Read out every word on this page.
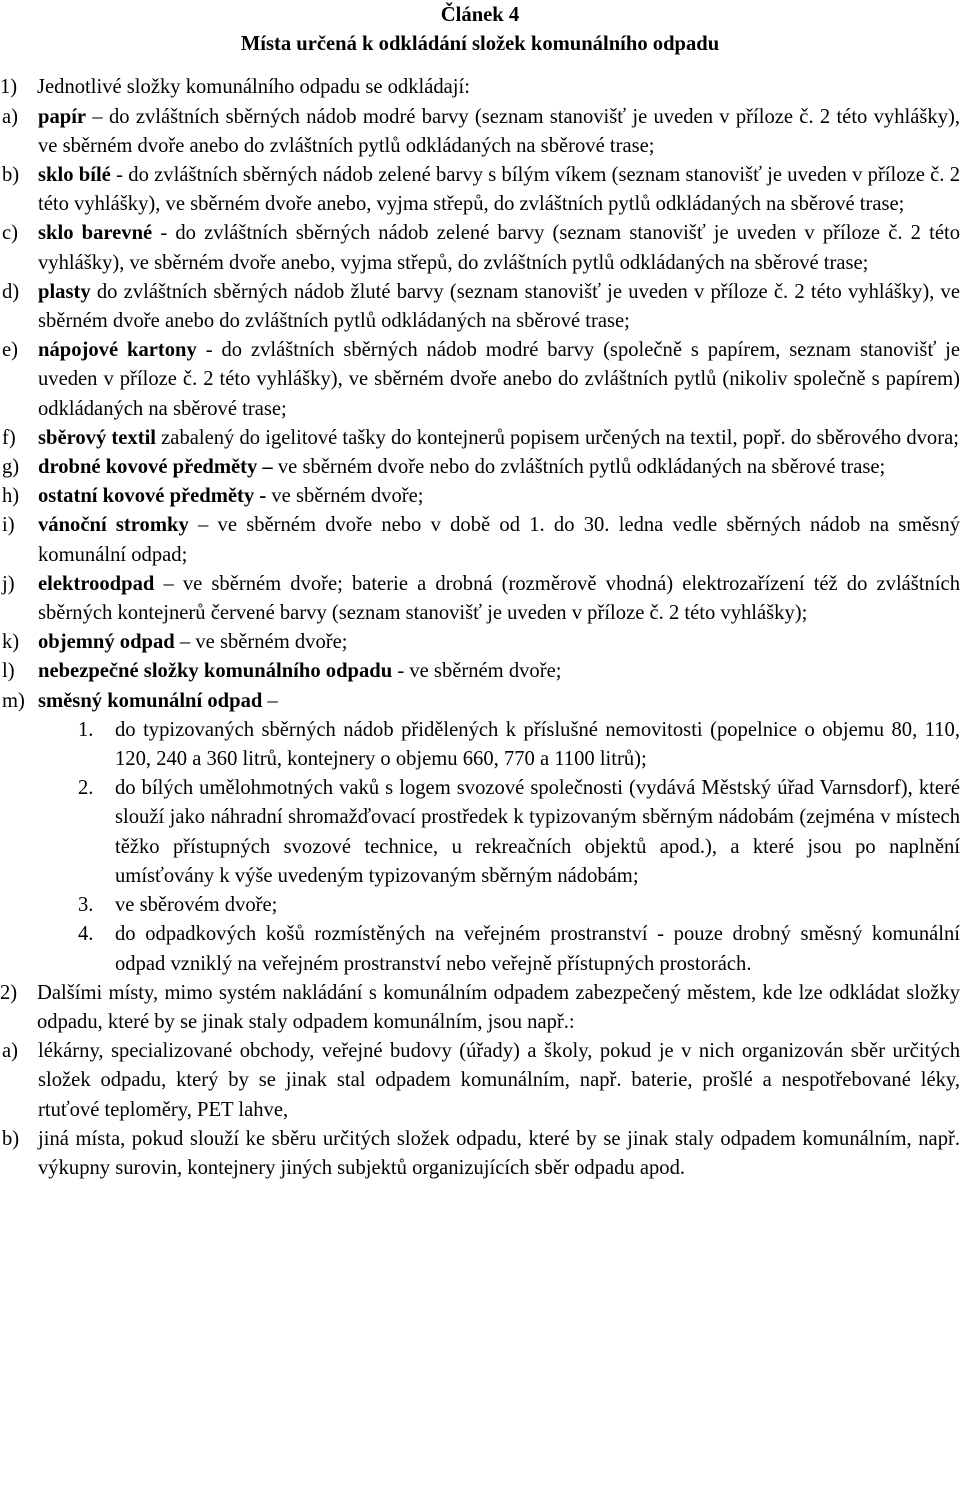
Článek 4
Místa určená k odkládání složek komunálního odpadu
1) Jednotlivé složky komunálního odpadu se odkládají:
a) papír – do zvláštních sběrných nádob modré barvy (seznam stanovišť je uveden v příloze č. 2 této vyhlášky), ve sběrném dvoře anebo do zvláštních pytlů odkládaných na sběrové trase;
b) sklo bílé - do zvláštních sběrných nádob zelené barvy s bílým víkem (seznam stanovišť je uveden v příloze č. 2 této vyhlášky), ve sběrném dvoře anebo, vyjma střepů, do zvláštních pytlů odkládaných na sběrové trase;
c) sklo barevné - do zvláštních sběrných nádob zelené barvy (seznam stanovišť je uveden v příloze č. 2 této vyhlášky), ve sběrném dvoře anebo, vyjma střepů, do zvláštních pytlů odkládaných na sběrové trase;
d) plasty do zvláštních sběrných nádob žluté barvy (seznam stanovišť je uveden v příloze č. 2 této vyhlášky), ve sběrném dvoře anebo do zvláštních pytlů odkládaných na sběrové trase;
e) nápojové kartony - do zvláštních sběrných nádob modré barvy (společně s papírem, seznam stanovišť je uveden v příloze č. 2 této vyhlášky), ve sběrném dvoře anebo do zvláštních pytlů (nikoliv společně s papírem) odkládaných na sběrové trase;
f)	sběrový textil zabalený do igelitové tašky do kontejnerů popisem určených na textil, popř. do sběrového dvora;
g) drobné kovové předměty – ve sběrném dvoře nebo do zvláštních pytlů odkládaných na sběrové trase;
h) ostatní kovové předměty - ve sběrném dvoře;
i)	vánoční stromky – ve sběrném dvoře nebo v době od 1. do 30. ledna vedle sběrných nádob na směsný komunální odpad;
j)	elektroodpad – ve sběrném dvoře; baterie a drobná (rozměrově vhodná) elektrozařízení též do zvláštních sběrných kontejnerů červené barvy (seznam stanovišť je uveden v příloze č. 2 této vyhlášky);
k) objemný odpad – ve sběrném dvoře;
l)	nebezpečné složky komunálního odpadu - ve sběrném dvoře;
m) směsný komunální odpad –
1.	do typizovaných sběrných nádob přidělených k příslušné nemovitosti (popelnice o objemu 80, 110, 120, 240 a 360 litrů, kontejnery o objemu 660, 770 a 1100 litrů);
2.	do bílých umělohmotných vaků s logem svozové společnosti (vydává Městský úřad Varnsdorf), které slouží jako náhradní shromažďovací prostředek k typizovaným sběrným nádobám (zejména v místech těžko přístupných svozové technice, u rekreačních objektů apod.), a které jsou po naplnění umísťovány k výše uvedeným typizovaným sběrným nádobám;
3.	ve sběrovém dvoře;
4.	do odpadkových košů rozmístěných na veřejném prostranství - pouze drobný směsný komunální odpad vzniklý na veřejném prostranství nebo veřejně přístupných prostorách.
2) Dalšími místy, mimo systém nakládání s komunálním odpadem zabezpečený městem, kde lze odkládat složky odpadu, které by se jinak staly odpadem komunálním, jsou např.:
a) lékárny, specializované obchody, veřejné budovy (úřady) a školy, pokud je v nich organizován sběr určitých složek odpadu, který by se jinak stal odpadem komunálním, např. baterie, prošlé a nespotřebované léky, rtuťové teploměry, PET lahve,
b) jiná místa, pokud slouží ke sběru určitých složek odpadu, které by se jinak staly odpadem komunálním, např. výkupny surovin, kontejnery jiných subjektů organizujících sběr odpadu apod.
